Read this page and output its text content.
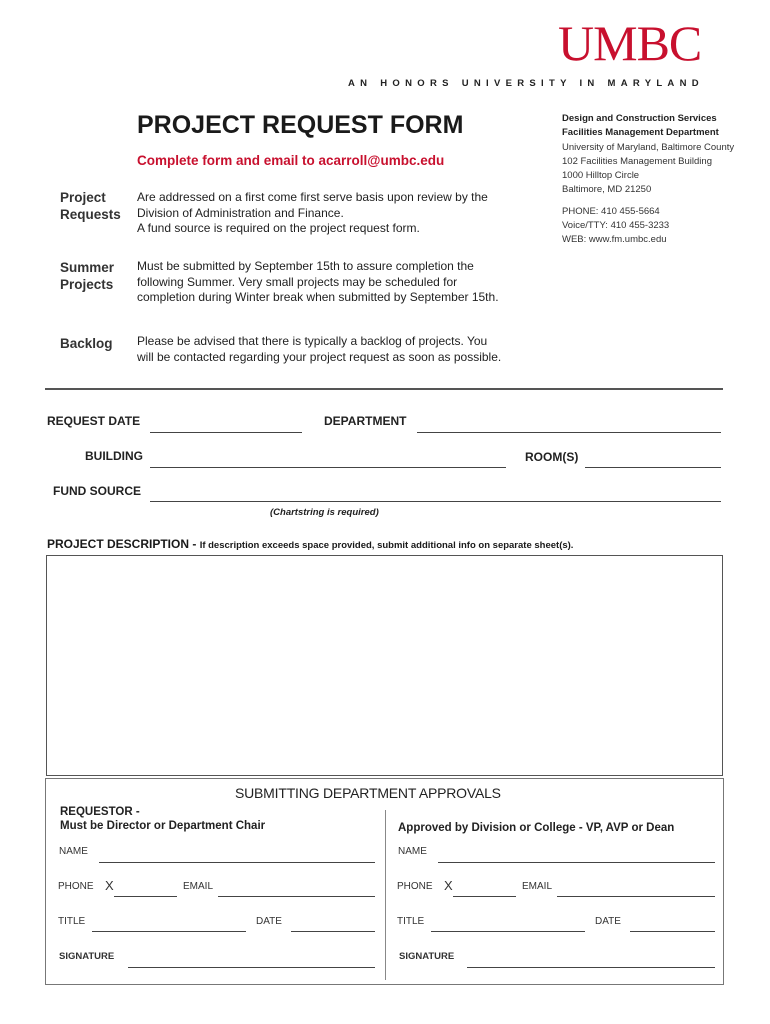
UMBC
AN HONORS UNIVERSITY IN MARYLAND
PROJECT REQUEST FORM
Complete form and email to acarroll@umbc.edu
Design and Construction Services
Facilities Management Department
University of Maryland, Baltimore County
102 Facilities Management Building
1000 Hilltop Circle
Baltimore, MD 21250
PHONE: 410 455-5664
Voice/TTY: 410 455-3233
WEB: www.fm.umbc.edu
Project
Requests
Are addressed on a first come first serve basis upon review by the
Division of Administration and Finance.
A fund source is required on the project request form.
Summer
Projects
Must be submitted by September 15th to assure completion the
following Summer. Very small projects may be scheduled for
completion during Winter break when submitted by September 15th.
Backlog Please be advised that there is typically a backlog of projects. You
will be contacted regarding your project request as soon as possible.
REQUEST DATE	DEPARTMENT
BUILDING	ROOM(S)
FUND SOURCE
(Chartstring is required)
PROJECT DESCRIPTION - If description exceeds space provided, submit additional info on separate sheet(s).
SUBMITTING DEPARTMENT APPROVALS
REQUESTOR -
Must be Director or Department Chair
NAME
PHONE X	EMAIL
TITLE	DATE
SIGNATURE
Approved by Division or College - VP, AVP or Dean
NAME
PHONE X	EMAIL
TITLE	DATE
SIGNATURE
